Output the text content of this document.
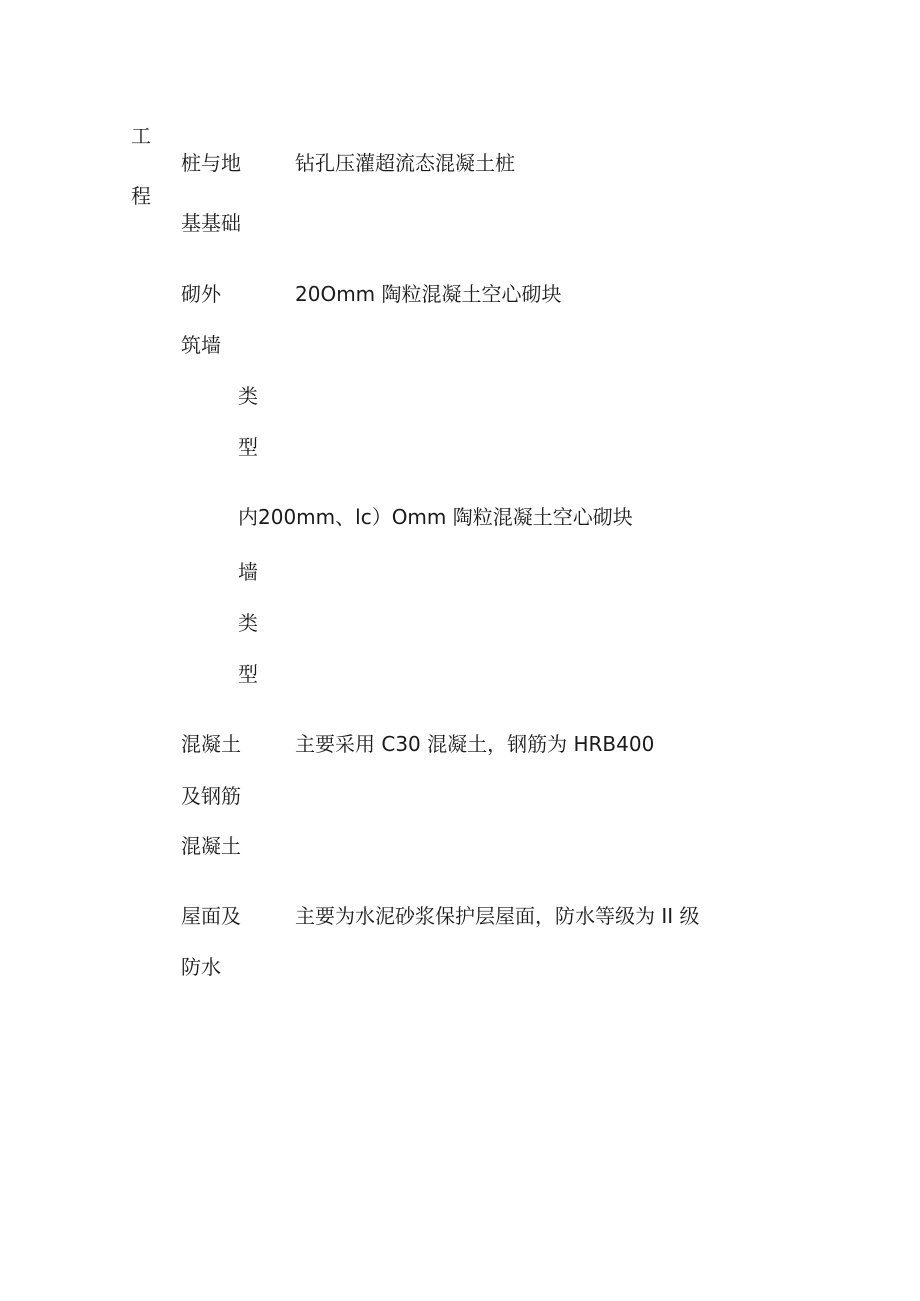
工
程
桩与地
基基础
钻孔压灌超流态混凝土桩
砌外
筑墙
20Omm 陶粒混凝土空心砌块
类
型
内200mm、lc）Omm 陶粒混凝土空心砌块
墙
类
型
混凝土
及钢筋
混凝土
主要采用 C30 混凝土，钢筋为 HRB400
屋面及
防水
主要为水泥砂浆保护层屋面，防水等级为 II 级
